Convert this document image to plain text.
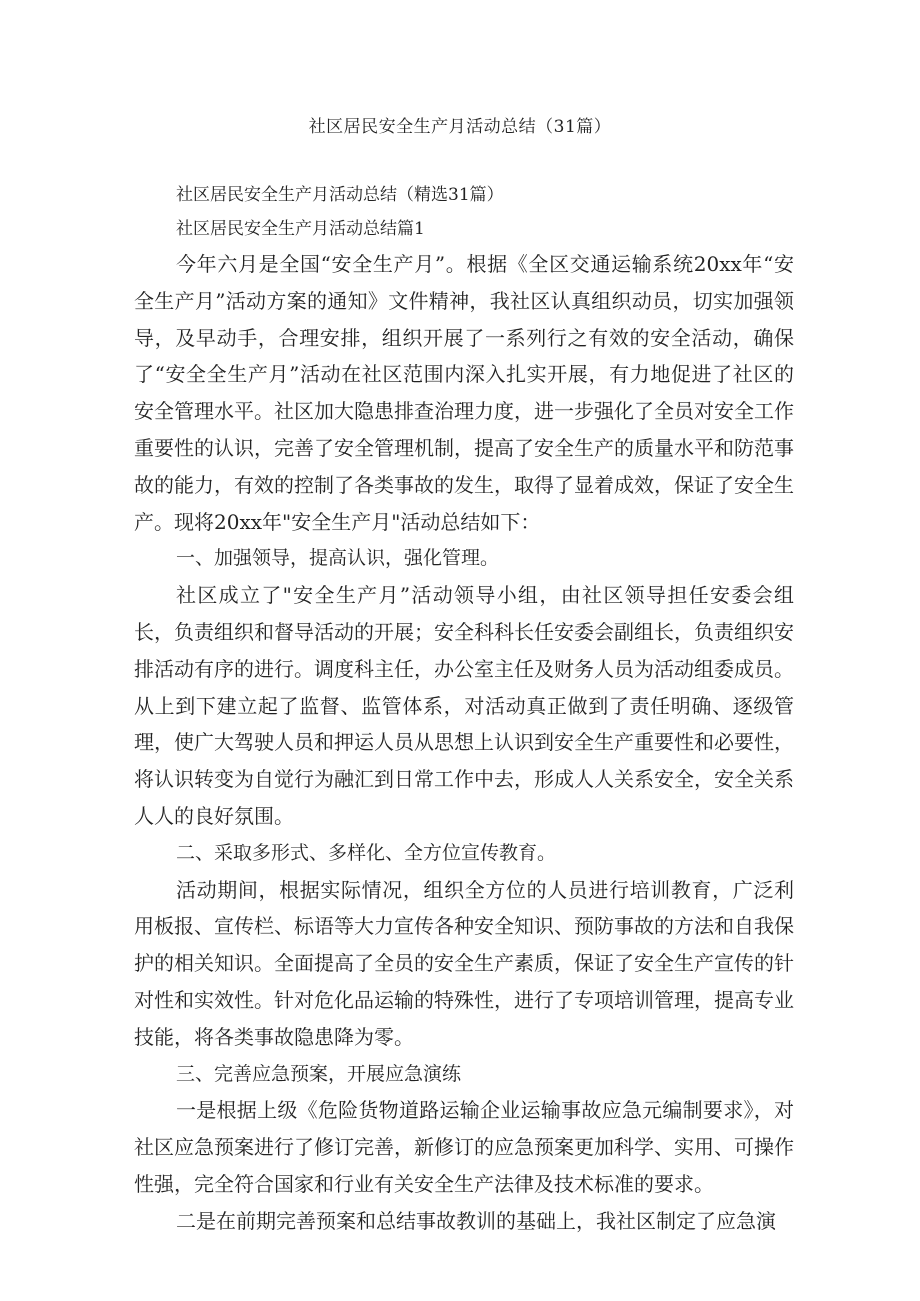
社区居民安全生产月活动总结（31篇）

社区居民安全生产月活动总结（精选31篇）

社区居民安全生产月活动总结篇1

今年六月是全国“安全生产月”。根据《全区交通运输系统20xx年“安全生产月”活动方案的通知》文件精神，我社区认真组织动员，切实加强领导，及早动手，合理安排，组织开展了一系列行之有效的安全活动，确保了“安全全生产月”活动在社区范围内深入扎实开展，有力地促进了社区的安全管理水平。社区加大隐患排查治理力度，进一步强化了全员对安全工作重要性的认识，完善了安全管理机制，提高了安全生产的质量水平和防范事故的能力，有效的控制了各类事故的发生，取得了显着成效，保证了安全生产。现将20xx年"安全生产月"活动总结如下：

一、加强领导，提高认识，强化管理。

社区成立了"安全生产月”活动领导小组，由社区领导担任安委会组长，负责组织和督导活动的开展；安全科科长任安委会副组长，负责组织安排活动有序的进行。调度科主任，办公室主任及财务人员为活动组委成员。从上到下建立起了监督、监管体系，对活动真正做到了责任明确、逐级管理，使广大驾驶人员和押运人员从思想上认识到安全生产重要性和必要性，将认识转变为自觉行为融汇到日常工作中去，形成人人关系安全，安全关系人人的良好氛围。

二、采取多形式、多样化、全方位宣传教育。

活动期间，根据实际情况，组织全方位的人员进行培训教育，广泛利用板报、宣传栏、标语等大力宣传各种安全知识、预防事故的方法和自我保护的相关知识。全面提高了全员的安全生产素质，保证了安全生产宣传的针对性和实效性。针对危化品运输的特殊性，进行了专项培训管理，提高专业技能，将各类事故隐患降为零。

三、完善应急预案，开展应急演练

一是根据上级《危险货物道路运输企业运输事故应急元编制要求》，对社区应急预案进行了修订完善，新修订的应急预案更加科学、实用、可操作性强，完全符合国家和行业有关安全生产法律及技术标准的要求。

二是在前期完善预案和总结事故教训的基础上，我社区制定了应急演
